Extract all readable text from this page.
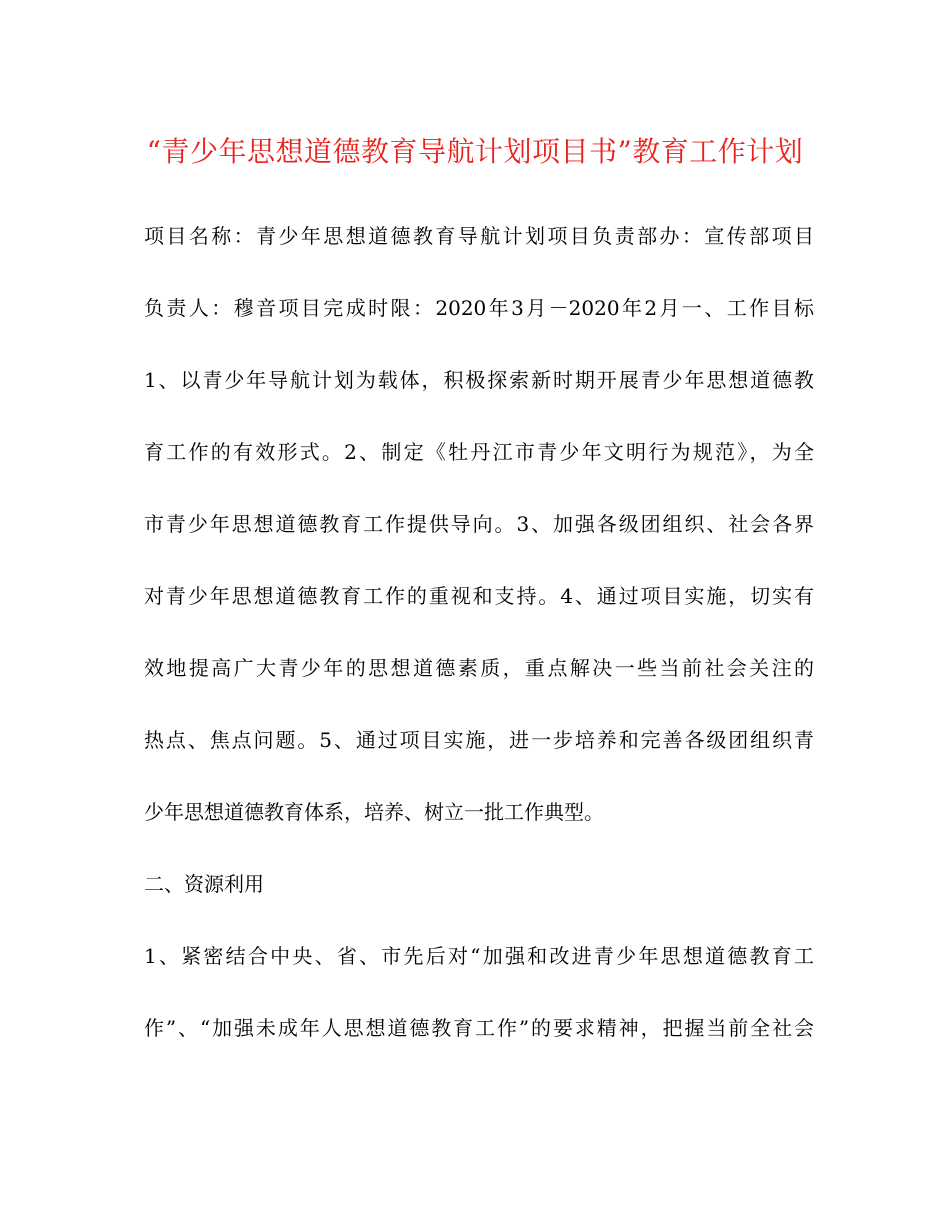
“青少年思想道德教育导航计划项目书”教育工作计划
项目名称：青少年思想道德教育导航计划项目负责部办：宣传部项目
负责人：穆音项目完成时限：2020年3月－2020年2月一、工作目标
1、以青少年导航计划为载体，积极探索新时期开展青少年思想道德教
育工作的有效形式。2、制定《牡丹江市青少年文明行为规范》，为全
市青少年思想道德教育工作提供导向。3、加强各级团组织、社会各界
对青少年思想道德教育工作的重视和支持。4、通过项目实施，切实有
效地提高广大青少年的思想道德素质，重点解决一些当前社会关注的
热点、焦点问题。5、通过项目实施，进一步培养和完善各级团组织青
少年思想道德教育体系，培养、树立一批工作典型。
二、资源利用
1、紧密结合中央、省、市先后对“加强和改进青少年思想道德教育工
作”、“加强未成年人思想道德教育工作”的要求精神，把握当前全社会
